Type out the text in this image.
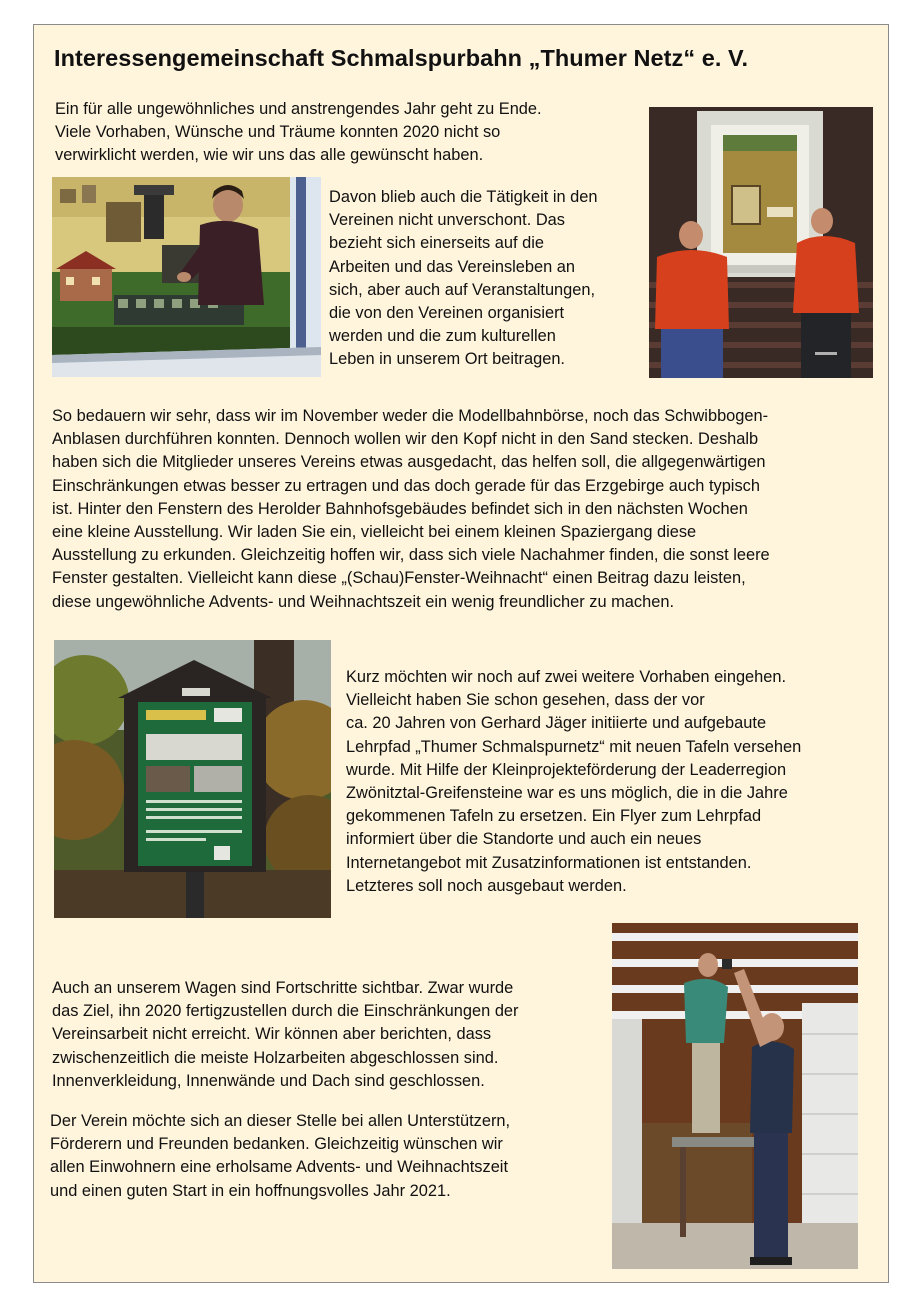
Interessengemeinschaft Schmalspurbahn „Thumer Netz“ e. V.
Ein für alle ungewöhnliches und anstrengendes Jahr geht zu Ende.
Viele Vorhaben, Wünsche und Träume konnten 2020 nicht so
verwirklicht werden, wie wir uns das alle gewünscht haben.
Davon blieb auch die Tätigkeit in den
Vereinen nicht unverschont. Das
bezieht sich einerseits auf die
Arbeiten und das Vereinsleben an
sich, aber auch auf Veranstaltungen,
die von den Vereinen organisiert
werden und die zum kulturellen
Leben in unserem Ort beitragen.
So bedauern wir sehr, dass wir im November weder die Modellbahnbörse, noch das Schwibbogen-
Anblasen durchführen konnten. Dennoch wollen wir den Kopf nicht in den Sand stecken. Deshalb
haben sich die Mitglieder unseres Vereins etwas ausgedacht, das helfen soll, die allgegenwärtigen
Einschränkungen etwas besser zu ertragen und das doch gerade für das Erzgebirge auch typisch
ist. Hinter den Fenstern des Herolder Bahnhofsgebäudes befindet sich in den nächsten Wochen
eine kleine Ausstellung. Wir laden Sie ein, vielleicht bei einem kleinen Spaziergang diese
Ausstellung zu erkunden. Gleichzeitig hoffen wir, dass sich viele Nachahmer finden, die sonst leere
Fenster gestalten. Vielleicht kann diese „(Schau)Fenster-Weihnacht“ einen Beitrag dazu leisten,
diese ungewöhnliche Advents- und Weihnachtszeit ein wenig freundlicher zu machen.
Kurz möchten wir noch auf zwei weitere Vorhaben eingehen.
Vielleicht haben Sie schon gesehen, dass der vor
ca. 20 Jahren von Gerhard Jäger initiierte und aufgebaute
Lehrpfad „Thumer Schmalspurnetz“ mit neuen Tafeln versehen
wurde. Mit Hilfe der Kleinprojekteförderung der Leaderregion
Zwönitztal-Greifensteine war es uns möglich, die in die Jahre
gekommenen Tafeln zu ersetzen. Ein Flyer zum Lehrpfad
informiert über die Standorte und auch ein neues
Internetangebot mit Zusatzinformationen ist entstanden.
Letzteres soll noch ausgebaut werden.
Auch an unserem Wagen sind Fortschritte sichtbar. Zwar wurde
das Ziel, ihn 2020 fertigzustellen durch die Einschränkungen der
Vereinsarbeit nicht erreicht. Wir können aber berichten, dass
zwischenzeitlich die meiste Holzarbeiten abgeschlossen sind.
Innenverkleidung, Innenwände und Dach sind geschlossen.
Der Verein möchte sich an dieser Stelle bei allen Unterstützern,
Förderern und Freunden bedanken. Gleichzeitig wünschen wir
allen Einwohnern eine erholsame Advents- und Weihnachtszeit
und einen guten Start in ein hoffnungsvolles Jahr 2021.
